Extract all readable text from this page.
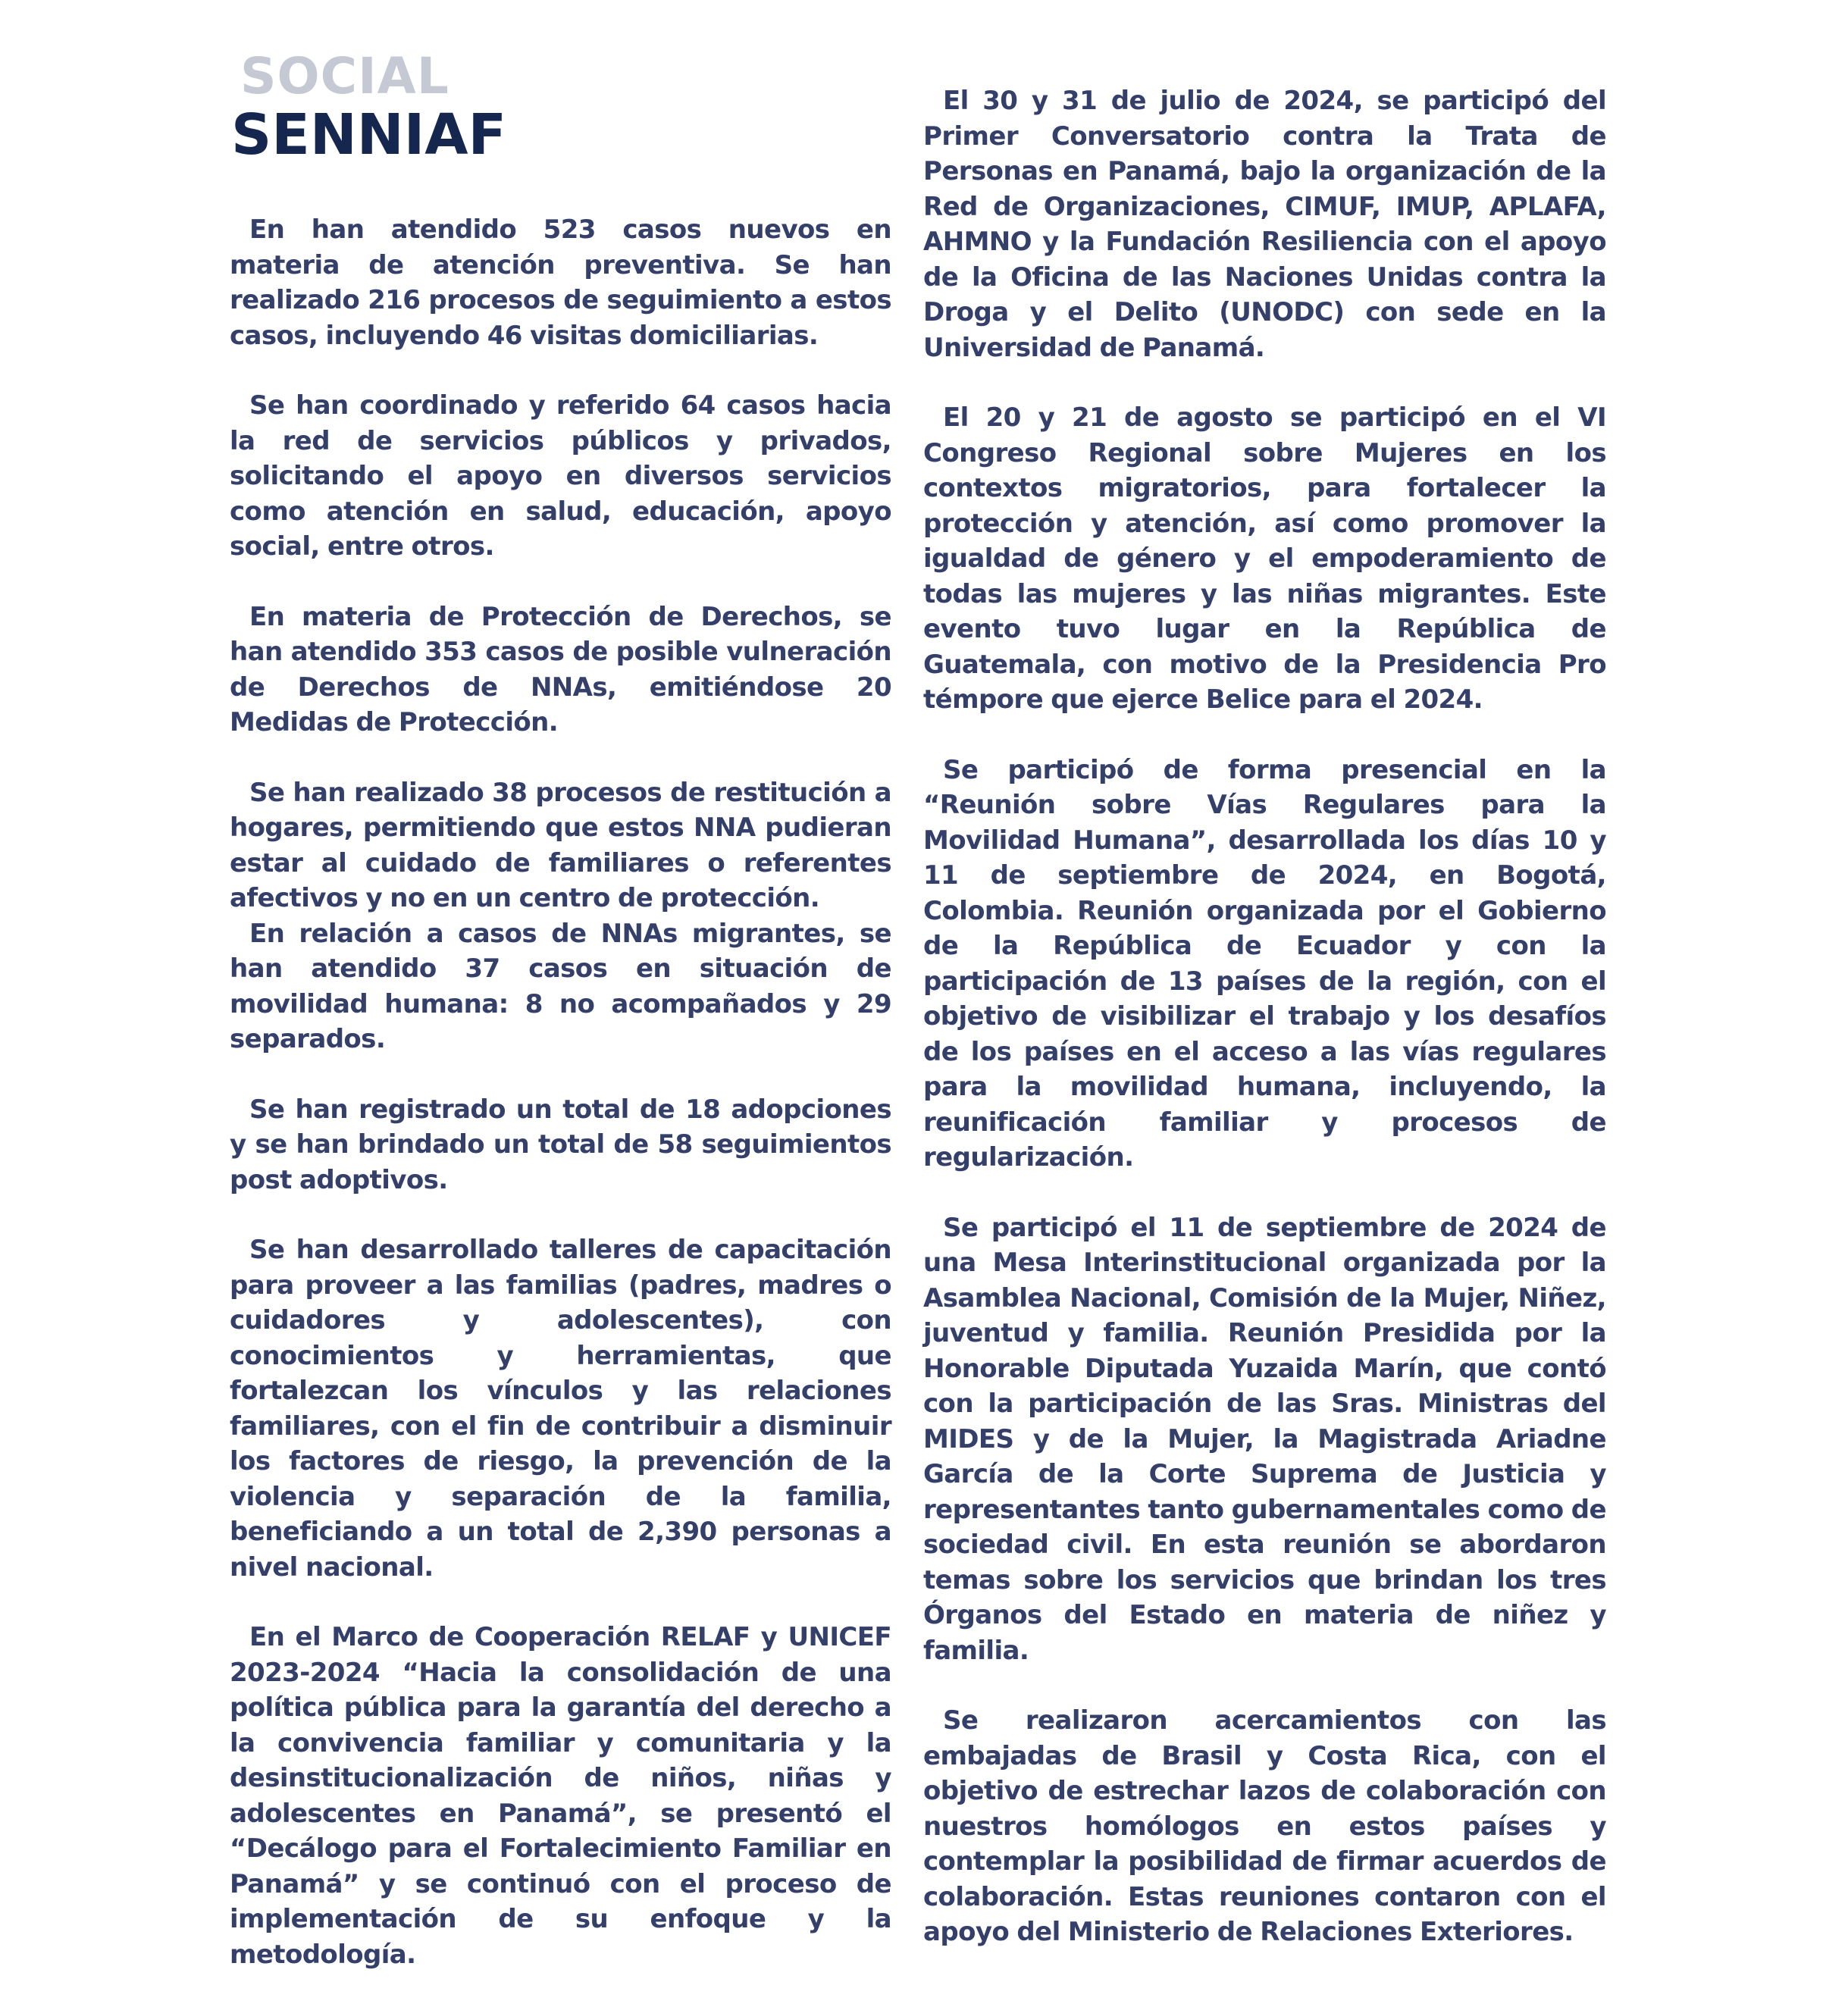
SOCIAL
SENNIAF

En han atendido 523 casos nuevos en materia de atención preventiva. Se han realizado 216 procesos de seguimiento a estos casos, incluyendo 46 visitas domiciliarias.

Se han coordinado y referido 64 casos hacia la red de servicios públicos y privados, solicitando el apoyo en diversos servicios como atención en salud, educación, apoyo social, entre otros.

En materia de Protección de Derechos, se han atendido 353 casos de posible vulneración de Derechos de NNAs, emitiéndose 20 Medidas de Protección.

Se han realizado 38 procesos de restitución a hogares, permitiendo que estos NNA pudieran estar al cuidado de familiares o referentes afectivos y no en un centro de protección.

En relación a casos de NNAs migrantes, se han atendido 37 casos en situación de movilidad humana: 8 no acompañados y 29 separados.

Se han registrado un total de 18 adopciones y se han brindado un total de 58 seguimientos post adoptivos.

Se han desarrollado talleres de capacitación para proveer a las familias (padres, madres o cuidadores y adolescentes), con conocimientos y herramientas, que fortalezcan los vínculos y las relaciones familiares, con el fin de contribuir a disminuir los factores de riesgo, la prevención de la violencia y separación de la familia, beneficiando a un total de 2,390 personas a nivel nacional.

En el Marco de Cooperación RELAF y UNICEF 2023-2024 “Hacia la consolidación de una política pública para la garantía del derecho a la convivencia familiar y comunitaria y la desinstitucionalización de niños, niñas y adolescentes en Panamá”, se presentó el “Decálogo para el Fortalecimiento Familiar en Panamá” y se continuó con el proceso de implementación de su enfoque y la metodología.

El 30 y 31 de julio de 2024, se participó del Primer Conversatorio contra la Trata de Personas en Panamá, bajo la organización de la Red de Organizaciones, CIMUF, IMUP, APLAFA, AHMNO y la Fundación Resiliencia con el apoyo de la Oficina de las Naciones Unidas contra la Droga y el Delito (UNODC) con sede en la Universidad de Panamá.

El 20 y 21 de agosto se participó en el VI Congreso Regional sobre Mujeres en los contextos migratorios, para fortalecer la protección y atención, así como promover la igualdad de género y el empoderamiento de todas las mujeres y las niñas migrantes. Este evento tuvo lugar en la República de Guatemala, con motivo de la Presidencia Pro témpore que ejerce Belice para el 2024.

Se participó de forma presencial en la “Reunión sobre Vías Regulares para la Movilidad Humana”, desarrollada los días 10 y 11 de septiembre de 2024, en Bogotá, Colombia. Reunión organizada por el Gobierno de la República de Ecuador y con la participación de 13 países de la región, con el objetivo de visibilizar el trabajo y los desafíos de los países en el acceso a las vías regulares para la movilidad humana, incluyendo, la reunificación familiar y procesos de regularización.

Se participó el 11 de septiembre de 2024 de una Mesa Interinstitucional organizada por la Asamblea Nacional, Comisión de la Mujer, Niñez, juventud y familia. Reunión Presidida por la Honorable Diputada Yuzaida Marín, que contó con la participación de las Sras. Ministras del MIDES y de la Mujer, la Magistrada Ariadne García de la Corte Suprema de Justicia y representantes tanto gubernamentales como de sociedad civil. En esta reunión se abordaron temas sobre los servicios que brindan los tres Órganos del Estado en materia de niñez y familia.

Se realizaron acercamientos con las embajadas de Brasil y Costa Rica, con el objetivo de estrechar lazos de colaboración con nuestros homólogos en estos países y contemplar la posibilidad de firmar acuerdos de colaboración. Estas reuniones contaron con el apoyo del Ministerio de Relaciones Exteriores.
